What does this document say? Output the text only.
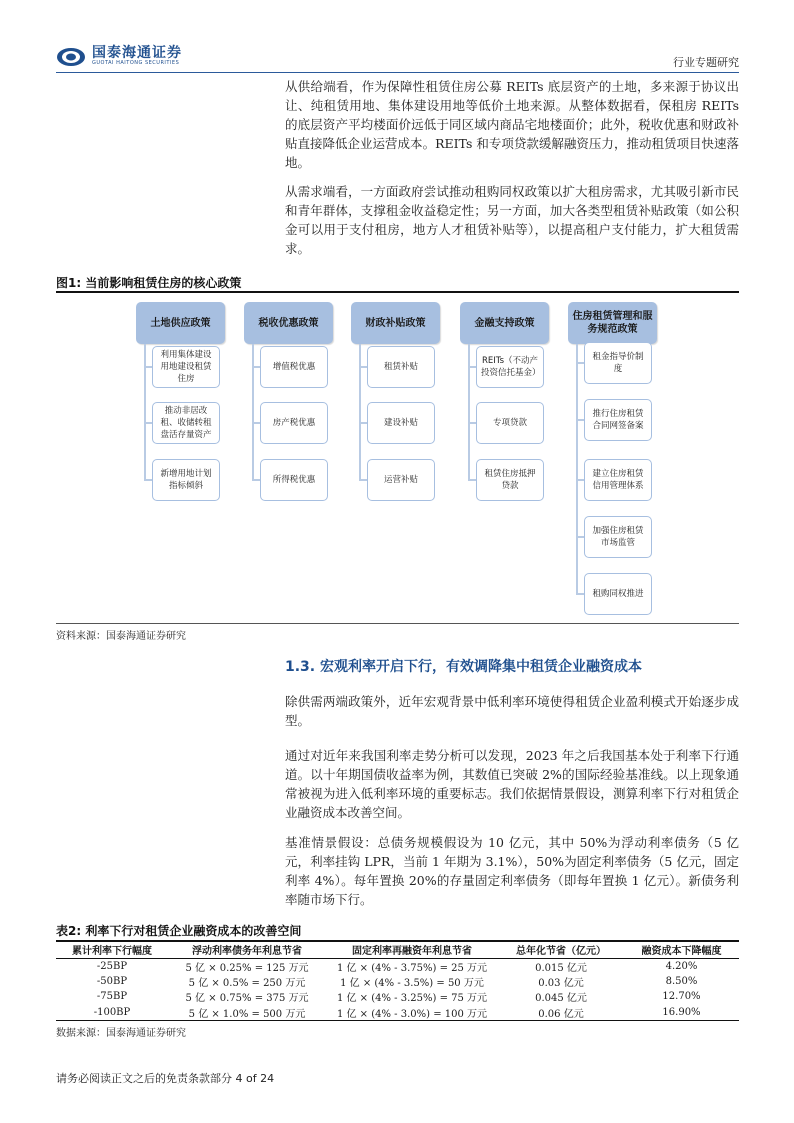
国泰海通证券
GUOTAI HAITONG SECURITIES	行业专题研究
从供给端看，作为保障性租赁住房公募 REITs 底层资产的土地，多来源于协议出让、纯租赁用地、集体建设用地等低价土地来源。从整体数据看，保租房 REITs 的底层资产平均楼面价远低于同区域内商品宅地楼面价；此外，税收优惠和财政补贴直接降低企业运营成本。REITs 和专项贷款缓解融资压力，推动租赁项目快速落地。
从需求端看，一方面政府尝试推动租购同权政策以扩大租房需求，尤其吸引新市民和青年群体，支撑租金收益稳定性；另一方面，加大各类型租赁补贴政策（如公积金可以用于支付租房，地方人才租赁补贴等），以提高租户支付能力，扩大租赁需求。
图1: 当前影响租赁住房的核心政策
土地供应政策
利用集体建设用地建设租赁住房
推动非居改租、收储转租盘活存量资产
新增用地计划指标倾斜
税收优惠政策
增值税优惠
房产税优惠
所得税优惠
财政补贴政策
租赁补贴
建设补贴
运营补贴
金融支持政策
REITs（不动产投资信托基金）
专项贷款
租赁住房抵押贷款
住房租赁管理和服务规范政策
租金指导价制度
推行住房租赁合同网签备案
建立住房租赁信用管理体系
加强住房租赁市场监管
租购同权推进
资料来源：国泰海通证券研究
1.3. 宏观利率开启下行，有效调降集中租赁企业融资成本
除供需两端政策外，近年宏观背景中低利率环境使得租赁企业盈利模式开始逐步成型。
通过对近年来我国利率走势分析可以发现，2023 年之后我国基本处于利率下行通道。以十年期国债收益率为例，其数值已突破 2%的国际经验基准线。以上现象通常被视为进入低利率环境的重要标志。我们依据情景假设，测算利率下行对租赁企业融资成本改善空间。
基准情景假设：总债务规模假设为 10 亿元，其中 50%为浮动利率债务（5 亿元，利率挂钩 LPR，当前 1 年期为 3.1%），50%为固定利率债务（5 亿元，固定利率 4%）。每年置换 20%的存量固定利率债务（即每年置换 1 亿元）。新债务利率随市场下行。
表2: 利率下行对租赁企业融资成本的改善空间
累计利率下行幅度	浮动利率债务年利息节省	固定利率再融资年利息节省	总年化节省（亿元）	融资成本下降幅度
-25BP	5 亿 × 0.25% = 125 万元	1 亿 × (4% - 3.75%) = 25 万元	0.015 亿元	4.20%
-50BP	5 亿 × 0.5% = 250 万元	1 亿 × (4% - 3.5%) = 50 万元	0.03 亿元	8.50%
-75BP	5 亿 × 0.75% = 375 万元	1 亿 × (4% - 3.25%) = 75 万元	0.045 亿元	12.70%
-100BP	5 亿 × 1.0% = 500 万元	1 亿 × (4% - 3.0%) = 100 万元	0.06 亿元	16.90%
数据来源：国泰海通证券研究
请务必阅读正文之后的免责条款部分 4 of 24
